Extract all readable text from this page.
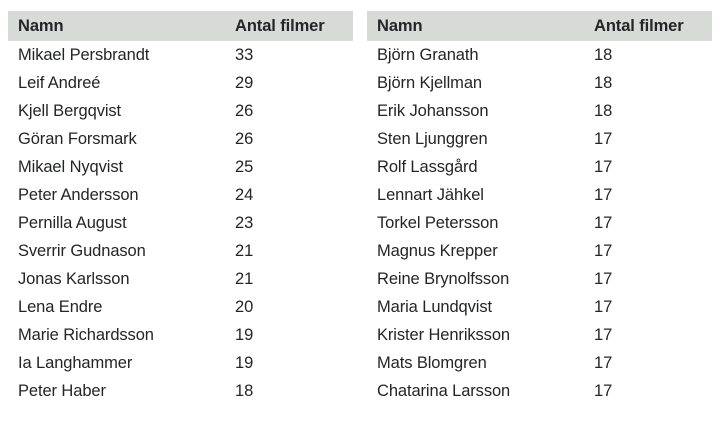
Namn	Antal filmer
Mikael Persbrandt	33
Leif Andreé	29
Kjell Bergqvist	26
Göran Forsmark	26
Mikael Nyqvist	25
Peter Andersson	24
Pernilla August	23
Sverrir Gudnason	21
Jonas Karlsson	21
Lena Endre	20
Marie Richardsson	19
Ia Langhammer	19
Peter Haber	18
Namn	Antal filmer
Björn Granath	18
Björn Kjellman	18
Erik Johansson	18
Sten Ljunggren	17
Rolf Lassgård	17
Lennart Jähkel	17
Torkel Petersson	17
Magnus Krepper	17
Reine Brynolfsson	17
Maria Lundqvist	17
Krister Henriksson	17
Mats Blomgren	17
Chatarina Larsson	17
